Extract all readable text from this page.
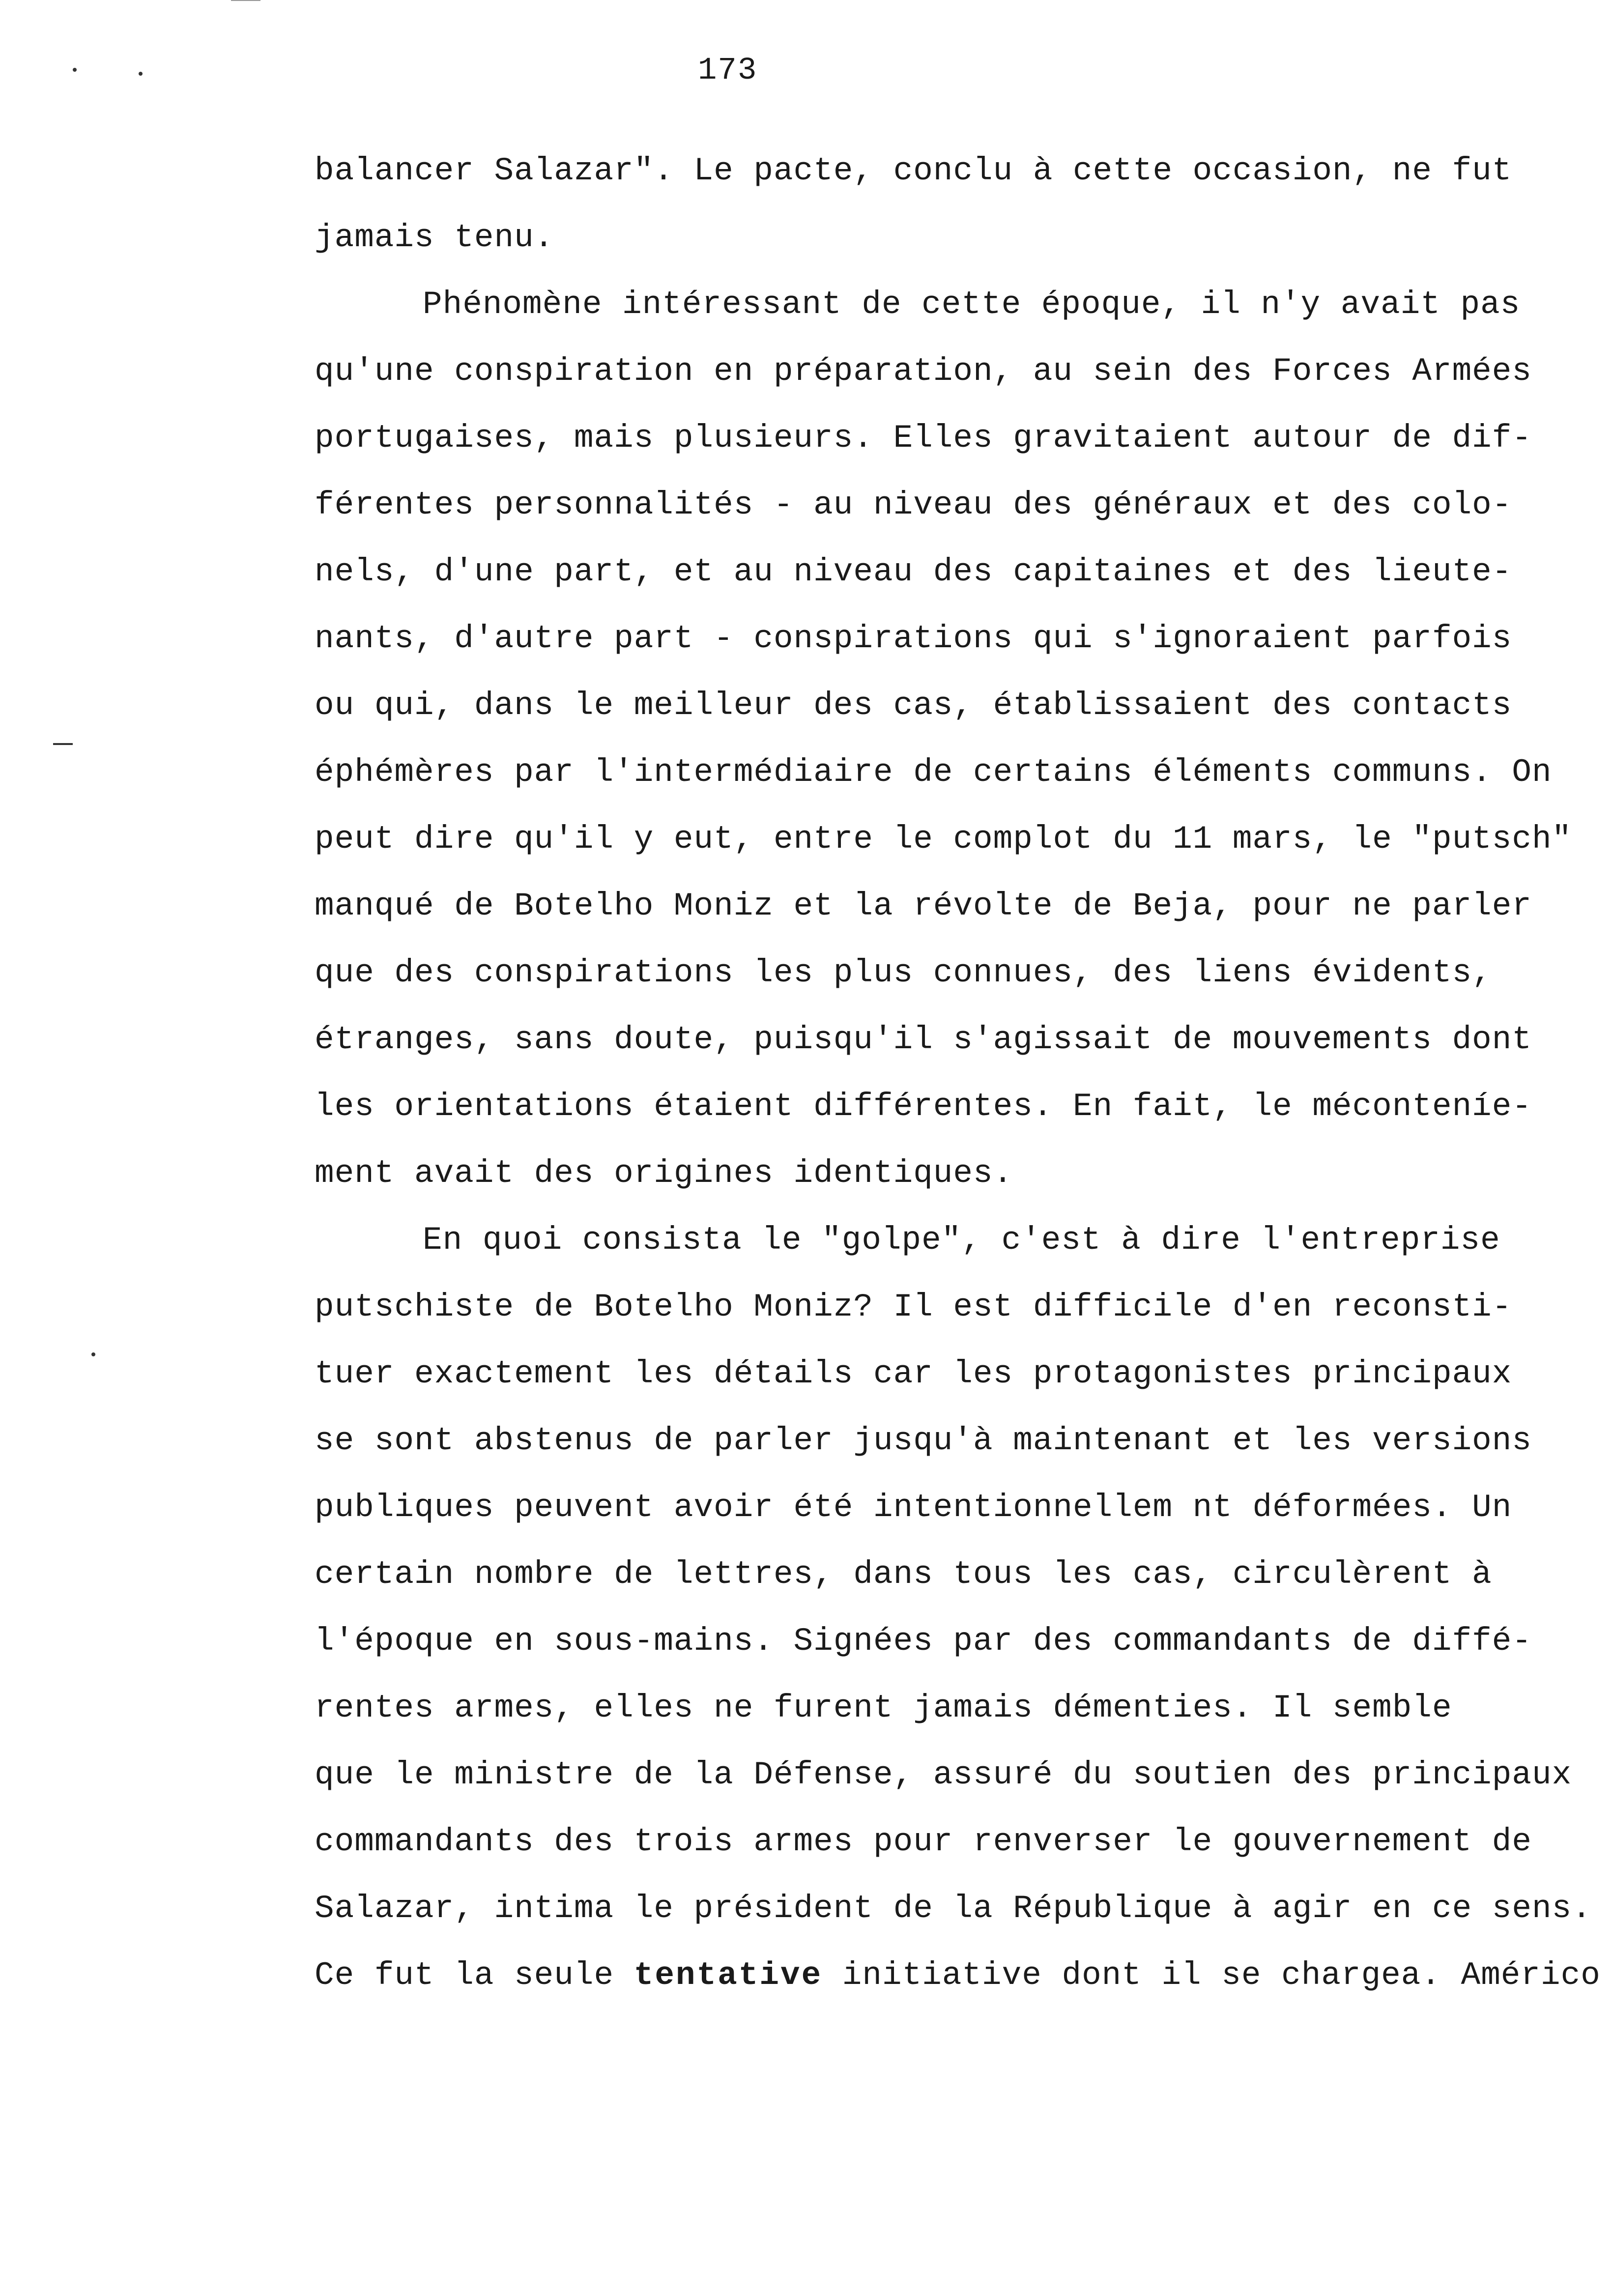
173
balancer Salazar". Le pacte, conclu à cette occasion, ne fut
jamais tenu.
Phénomène intéressant de cette époque, il n'y avait pas
qu'une conspiration en préparation, au sein des Forces Armées
portugaises, mais plusieurs. Elles gravitaient autour de dif-
férentes personnalités - au niveau des généraux et des colo-
nels, d'une part, et au niveau des capitaines et des lieute-
nants, d'autre part - conspirations qui s'ignoraient parfois
ou qui, dans le meilleur des cas, établissaient des contacts
éphémères par l'intermédiaire de certains éléments communs. On
peut dire qu'il y eut, entre le complot du 11 mars, le "putsch"
manqué de Botelho Moniz et la révolte de Beja, pour ne parler
que des conspirations les plus connues, des liens évidents,
étranges, sans doute, puisqu'il s'agissait de mouvements dont
les orientations étaient différentes. En fait, le méconteníe-
ment avait des origines identiques.
En quoi consista le "golpe", c'est à dire l'entreprise
putschiste de Botelho Moniz? Il est difficile d'en reconsti-
tuer exactement les détails car les protagonistes principaux
se sont abstenus de parler jusqu'à maintenant et les versions
publiques peuvent avoir été intentionnellem nt déformées. Un
certain nombre de lettres, dans tous les cas, circulèrent à
l'époque en sous-mains. Signées par des commandants de diffé-
rentes armes, elles ne furent jamais démenties. Il semble
que le ministre de la Défense, assuré du soutien des principaux
commandants des trois armes pour renverser le gouvernement de
Salazar, intima le président de la République à agir en ce sens.
Ce fut la seule tentative initiative dont il se chargea. Américo
